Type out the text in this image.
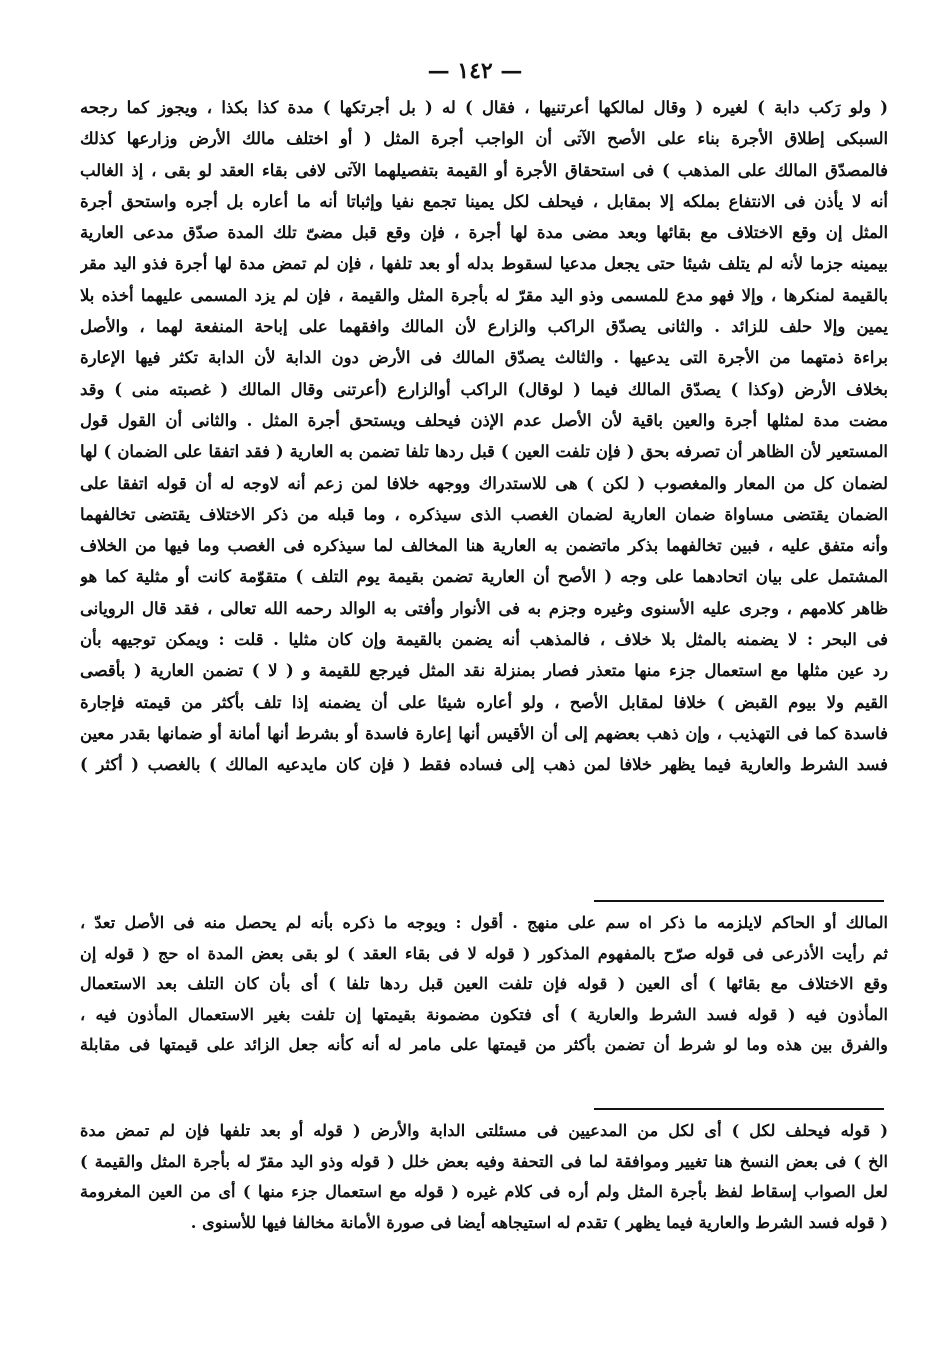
— ١٤٢ —
( ولو رَكب دابة ) لغيره ( وقال لمالكها أعرتنيها ، فقال ) له ( بل أجرتكها ) مدة كذا بكذا ، ويجوز كما رجحه
السبكى إطلاق الأجرة بناء على الأصح الآتى أن الواجب أجرة المثل ( أو اختلف مالك الأرض وزارعها كذلك
فالمصدّق المالك على المذهب ) فى استحقاق الأجرة أو القيمة بتفصيلهما الآتى لافى بقاء العقد لو بقى ، إذ الغالب
أنه لا يأذن فى الانتفاع بملكه إلا بمقابل ، فيحلف لكل يمينا تجمع نفيا وإثباتا أنه ما أعاره بل أجره واستحق أجرة
المثل إن وقع الاختلاف مع بقائها وبعد مضى مدة لها أجرة ، فإن وقع قبل مضىّ تلك المدة صدّق مدعى العارية
بيمينه جزما لأنه لم يتلف شيئا حتى يجعل مدعيا لسقوط بدله أو بعد تلفها ، فإن لم تمض مدة لها أجرة فذو اليد مقر
بالقيمة لمنكرها ، وإلا فهو مدع للمسمى وذو اليد مقرّ له بأجرة المثل والقيمة ، فإن لم يزد المسمى عليهما أخذه بلا
يمين وإلا حلف للزائد . والثانى يصدّق الراكب والزارع لأن المالك وافقهما على إباحة المنفعة لهما ، والأصل
براءة ذمتهما من الأجرة التى يدعيها . والثالث يصدّق المالك فى الأرض دون الدابة لأن الدابة تكثر فيها الإعارة
بخلاف الأرض (وكذا ) يصدّق المالك فيما ( لوقال) الراكب أوالزارع (أعرتنى وقال المالك ( غصبته منى ) وقد
مضت مدة لمثلها أجرة والعين باقية لأن الأصل عدم الإذن فيحلف ويستحق أجرة المثل . والثانى أن القول قول
المستعير لأن الظاهر أن تصرفه بحق ( فإن تلفت العين ) قبل ردها تلفا تضمن به العارية ( فقد اتفقا على الضمان ) لها
لضمان كل من المعار والمغصوب ( لكن ) هى للاستدراك ووجهه خلافا لمن زعم أنه لاوجه له أن قوله اتفقا على
الضمان يقتضى مساواة ضمان العارية لضمان الغصب الذى سيذكره ، وما قبله من ذكر الاختلاف يقتضى تخالفهما
وأنه متفق عليه ، فبين تخالفهما بذكر ماتضمن به العارية هنا المخالف لما سيذكره فى الغصب وما فيها من الخلاف
المشتمل على بيان اتحادهما على وجه ( الأصح أن العارية تضمن بقيمة يوم التلف ) متقوّمة كانت أو مثلية كما هو
ظاهر كلامهم ، وجرى عليه الأسنوى وغيره وجزم به فى الأنوار وأفتى به الوالد رحمه الله تعالى ، فقد قال الرويانى
فى البحر : لا يضمنه بالمثل بلا خلاف ، فالمذهب أنه يضمن بالقيمة وإن كان مثليا . قلت : ويمكن توجيهه بأن
رد عين مثلها مع استعمال جزء منها متعذر فصار بمنزلة نقد المثل فيرجع للقيمة و ( لا ) تضمن العارية ( بأقصى
القيم ولا بيوم القبض ) خلافا لمقابل الأصح ، ولو أعاره شيئا على أن يضمنه إذا تلف بأكثر من قيمته فإجارة
فاسدة كما فى التهذيب ، وإن ذهب بعضهم إلى أن الأقيس أنها إعارة فاسدة أو بشرط أنها أمانة أو ضمانها بقدر معين
فسد الشرط والعارية فيما يظهر خلافا لمن ذهب إلى فساده فقط ( فإن كان مايدعيه المالك ) بالغصب ( أكثر )
المالك أو الحاكم لايلزمه ما ذكر اه سم على منهج . أقول : ويوجه ما ذكره بأنه لم يحصل منه فى الأصل تعدّ ،
ثم رأيت الأذرعى فى قوله صرّح بالمفهوم المذكور ( قوله لا فى بقاء العقد ) لو بقى بعض المدة اه حج ( قوله إن
وقع الاختلاف مع بقائها ) أى العين ( قوله فإن تلفت العين قبل ردها تلفا ) أى بأن كان التلف بعد الاستعمال
المأذون فيه ( قوله فسد الشرط والعارية ) أى فتكون مضمونة بقيمتها إن تلفت بغير الاستعمال المأذون فيه ،
والفرق بين هذه وما لو شرط أن تضمن بأكثر من قيمتها على مامر له أنه كأنه جعل الزائد على قيمتها فى مقابلة
( قوله فيحلف لكل ) أى لكل من المدعيين فى مسئلتى الدابة والأرض ( قوله أو بعد تلفها فإن لم تمض مدة
الخ ) فى بعض النسخ هنا تغيير وموافقة لما فى التحفة وفيه بعض خلل ( قوله وذو اليد مقرّ له بأجرة المثل والقيمة )
لعل الصواب إسقاط لفظ بأجرة المثل ولم أره فى كلام غيره ( قوله مع استعمال جزء منها ) أى من العين المغرومة
( قوله فسد الشرط والعارية فيما يظهر ) تقدم له استيجاهه أيضا فى صورة الأمانة مخالفا فيها للأسنوى .
